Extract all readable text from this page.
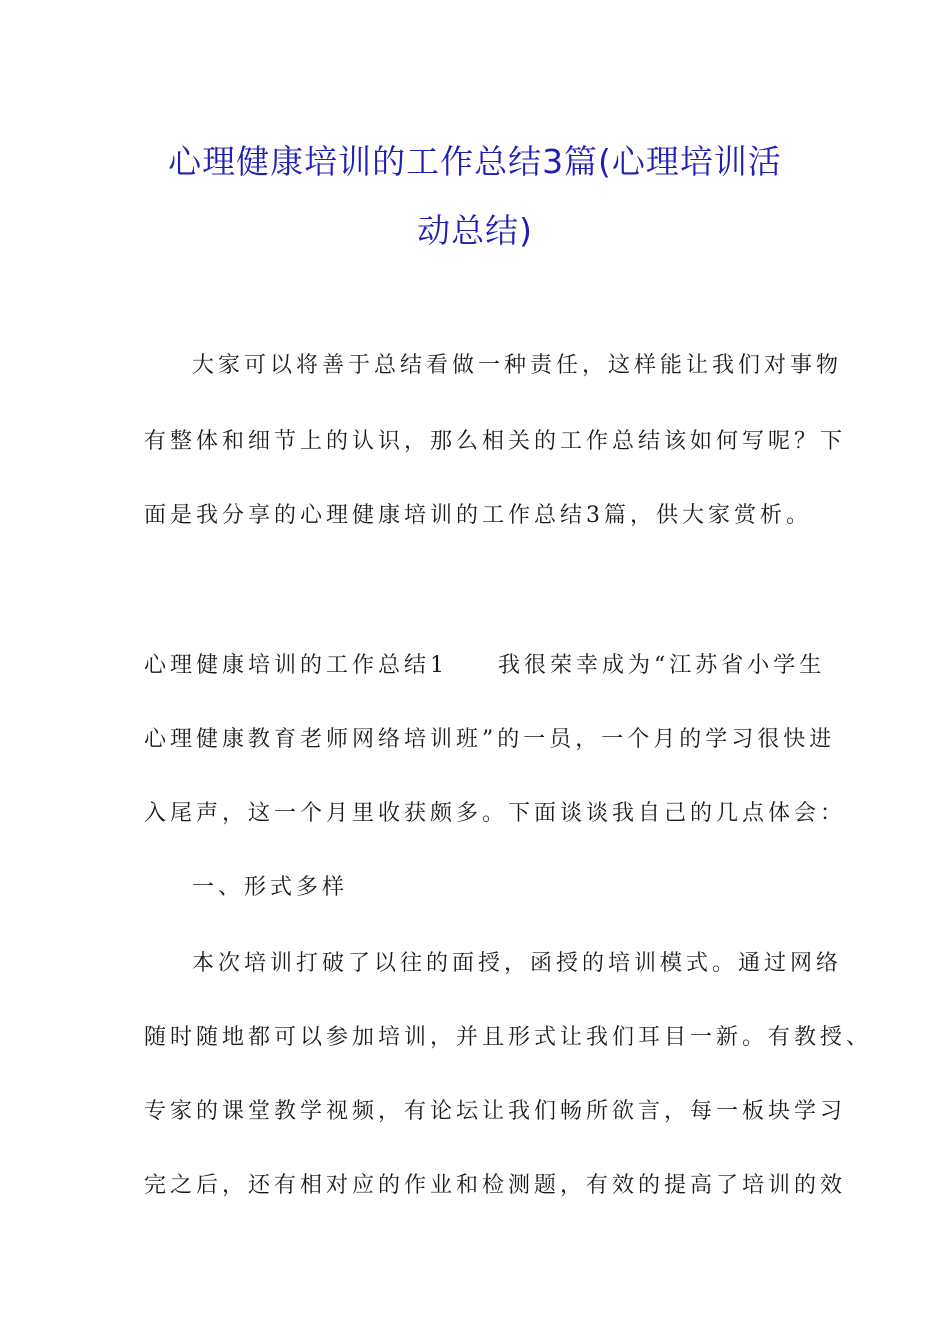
心理健康培训的工作总结3篇(心理培训活
动总结)
大家可以将善于总结看做一种责任，这样能让我们对事物
有整体和细节上的认识，那么相关的工作总结该如何写呢？下
面是我分享的心理健康培训的工作总结3篇，供大家赏析。
心理健康培训的工作总结1 我很荣幸成为“江苏省小学生
心理健康教育老师网络培训班”的一员，一个月的学习很快进
入尾声，这一个月里收获颇多。下面谈谈我自己的几点体会：
一、形式多样
本次培训打破了以往的面授，函授的培训模式。通过网络
随时随地都可以参加培训，并且形式让我们耳目一新。有教授、
专家的课堂教学视频，有论坛让我们畅所欲言，每一板块学习
完之后，还有相对应的作业和检测题，有效的提高了培训的效
